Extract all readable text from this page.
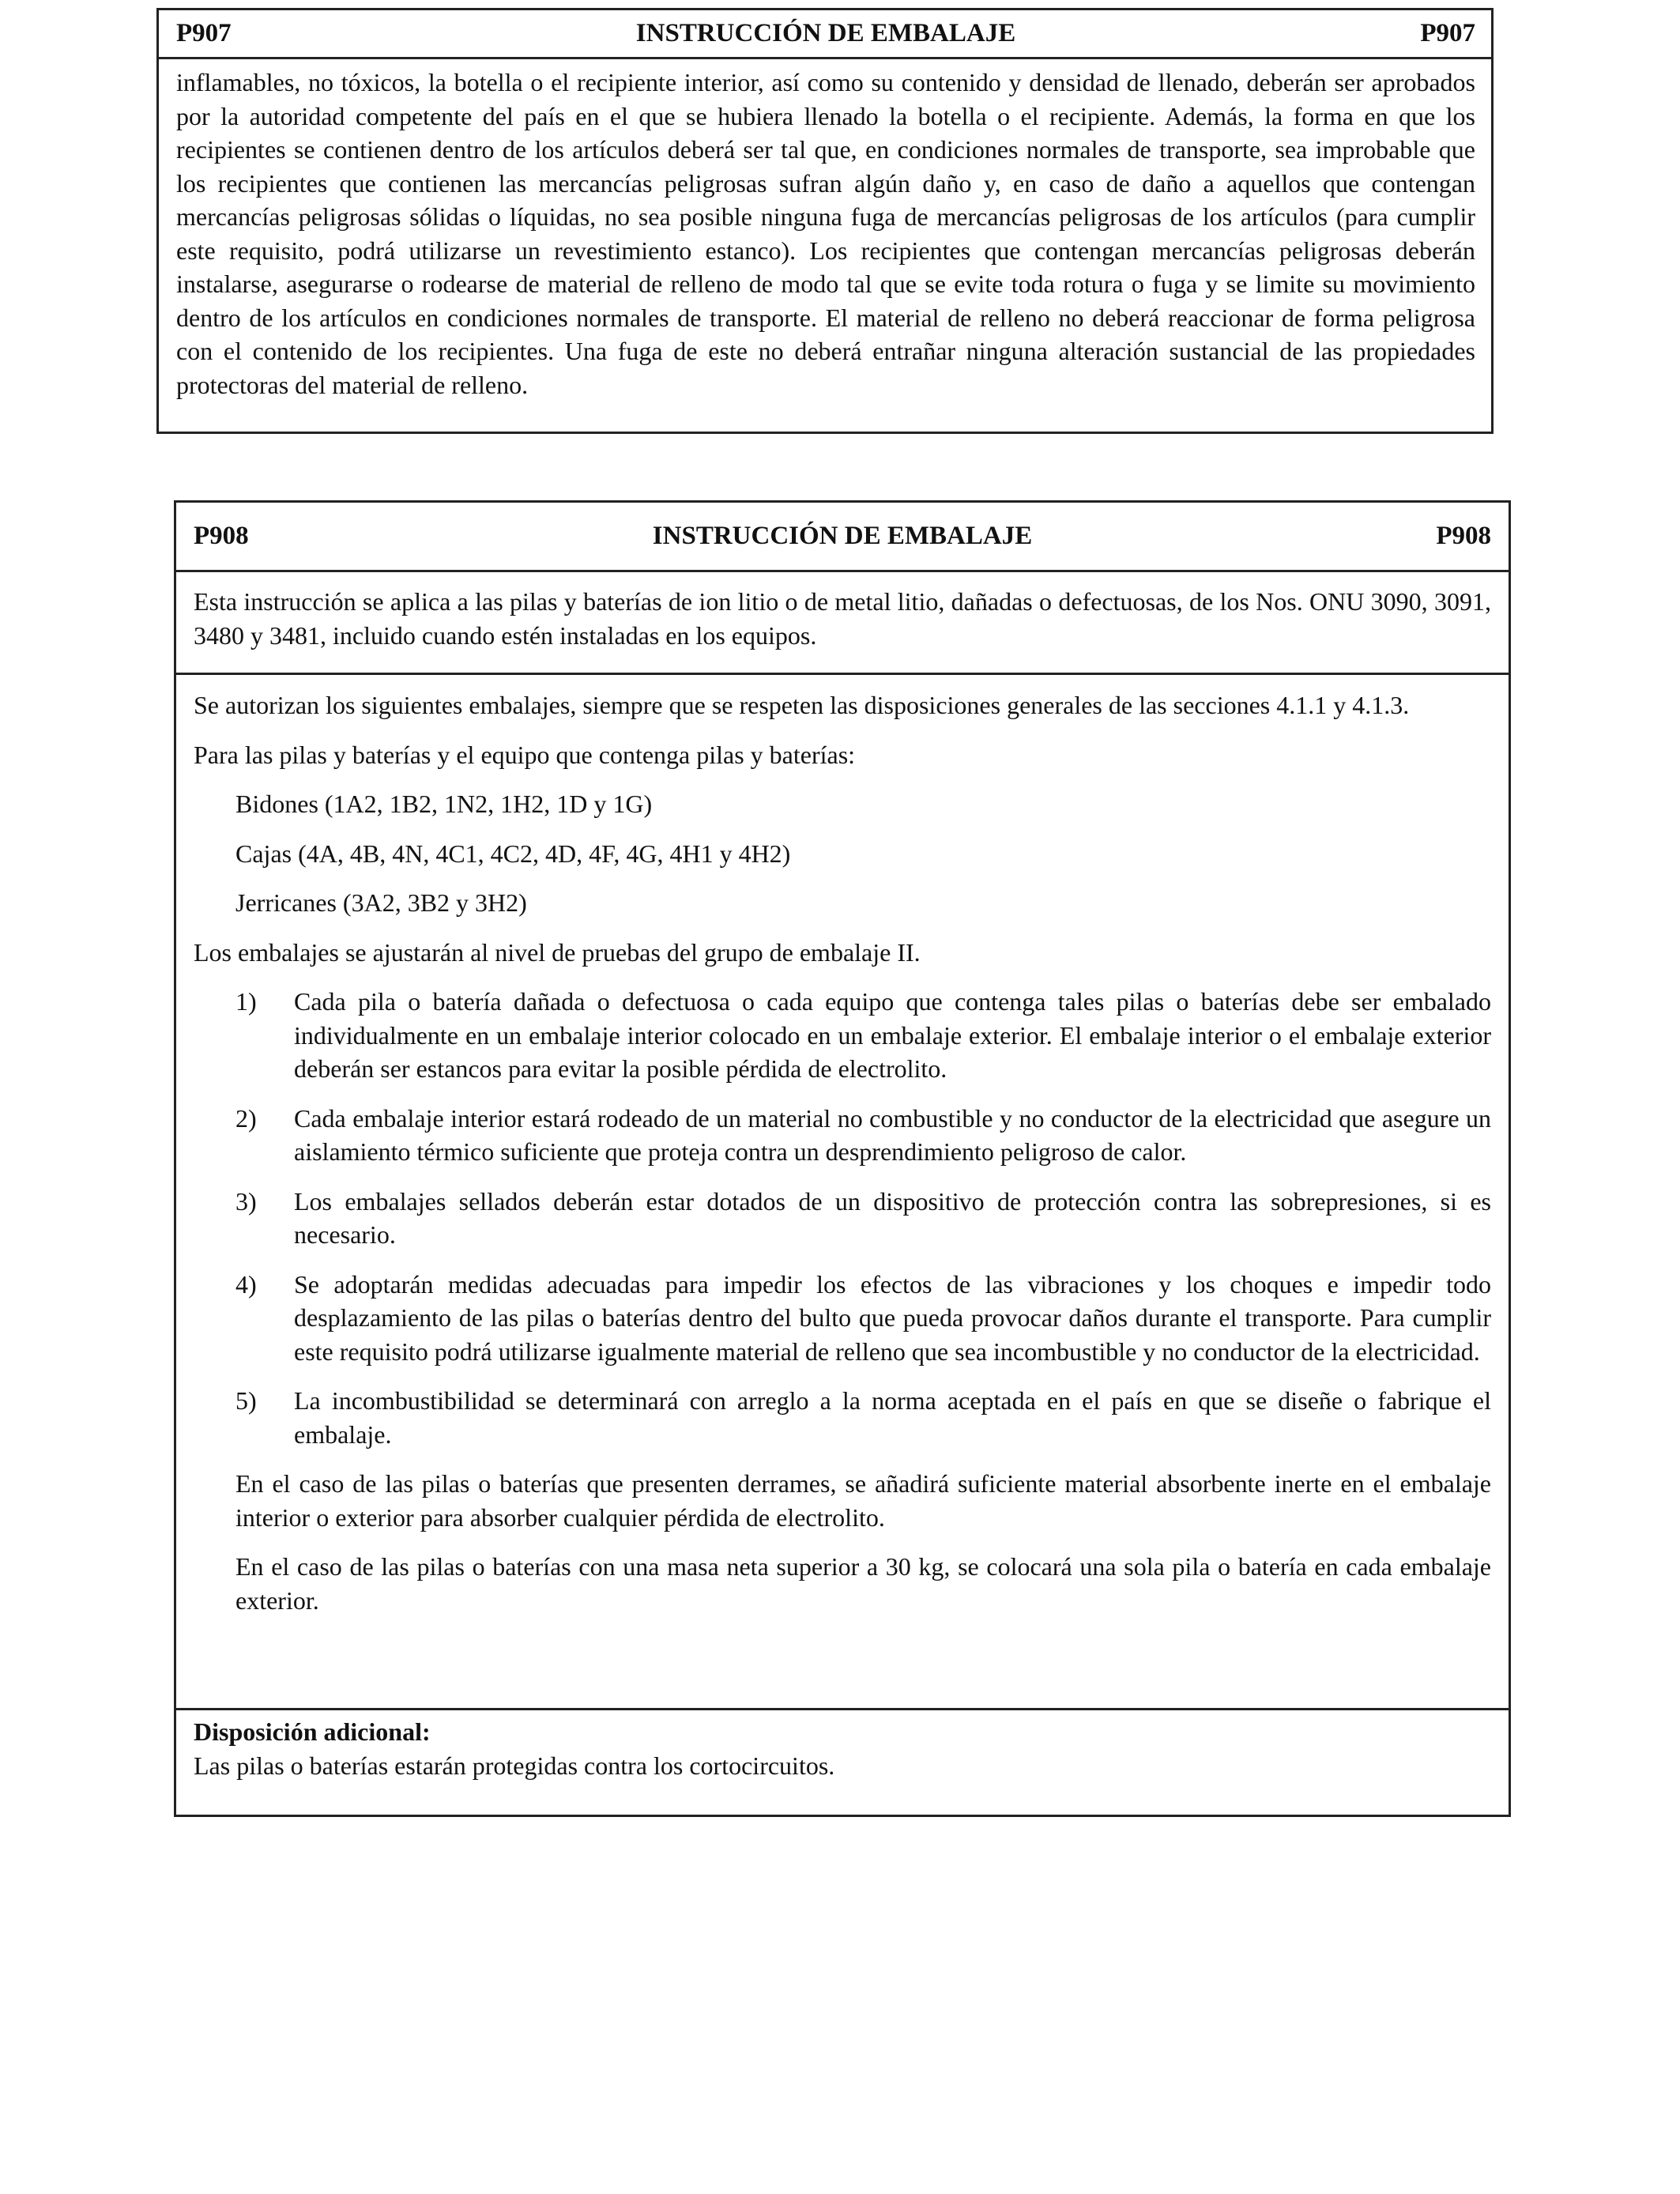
P907	INSTRUCCIÓN DE EMBALAJE	P907
inflamables, no tóxicos, la botella o el recipiente interior, así como su contenido y densidad de llenado, deberán ser aprobados por la autoridad competente del país en el que se hubiera llenado la botella o el recipiente. Además, la forma en que los recipientes se contienen dentro de los artículos deberá ser tal que, en condiciones normales de transporte, sea improbable que los recipientes que contienen las mercancías peligrosas sufran algún daño y, en caso de daño a aquellos que contengan mercancías peligrosas sólidas o líquidas, no sea posible ninguna fuga de mercancías peligrosas de los artículos (para cumplir este requisito, podrá utilizarse un revestimiento estanco). Los recipientes que contengan mercancías peligrosas deberán instalarse, asegurarse o rodearse de material de relleno de modo tal que se evite toda rotura o fuga y se limite su movimiento dentro de los artículos en condiciones normales de transporte. El material de relleno no deberá reaccionar de forma peligrosa con el contenido de los recipientes. Una fuga de este no deberá entrañar ninguna alteración sustancial de las propiedades protectoras del material de relleno.
P908	INSTRUCCIÓN DE EMBALAJE	P908

Esta instrucción se aplica a las pilas y baterías de ion litio o de metal litio, dañadas o defectuosas, de los Nos. ONU 3090, 3091, 3480 y 3481, incluido cuando estén instaladas en los equipos.

Se autorizan los siguientes embalajes, siempre que se respeten las disposiciones generales de las secciones 4.1.1 y 4.1.3.

Para las pilas y baterías y el equipo que contenga pilas y baterías:

Bidones (1A2, 1B2, 1N2, 1H2, 1D y 1G)

Cajas (4A, 4B, 4N, 4C1, 4C2, 4D, 4F, 4G, 4H1 y 4H2)

Jerricanes (3A2, 3B2 y 3H2)

Los embalajes se ajustarán al nivel de pruebas del grupo de embalaje II.

1)	Cada pila o batería dañada o defectuosa o cada equipo que contenga tales pilas o baterías debe ser embalado individualmente en un embalaje interior colocado en un embalaje exterior. El embalaje interior o el embalaje exterior deberán ser estancos para evitar la posible pérdida de electrolito.
2)	Cada embalaje interior estará rodeado de un material no combustible y no conductor de la electricidad que asegure un aislamiento térmico suficiente que proteja contra un desprendimiento peligroso de calor.
3)	Los embalajes sellados deberán estar dotados de un dispositivo de protección contra las sobrepresiones, si es necesario.
4)	Se adoptarán medidas adecuadas para impedir los efectos de las vibraciones y los choques e impedir todo desplazamiento de las pilas o baterías dentro del bulto que pueda provocar daños durante el transporte. Para cumplir este requisito podrá utilizarse igualmente material de relleno que sea incombustible y no conductor de la electricidad.
5)	La incombustibilidad se determinará con arreglo a la norma aceptada en el país en que se diseñe o fabrique el embalaje.

En el caso de las pilas o baterías que presenten derrames, se añadirá suficiente material absorbente inerte en el embalaje interior o exterior para absorber cualquier pérdida de electrolito.

En el caso de las pilas o baterías con una masa neta superior a 30 kg, se colocará una sola pila o batería en cada embalaje exterior.

Disposición adicional:

Las pilas o baterías estarán protegidas contra los cortocircuitos.
